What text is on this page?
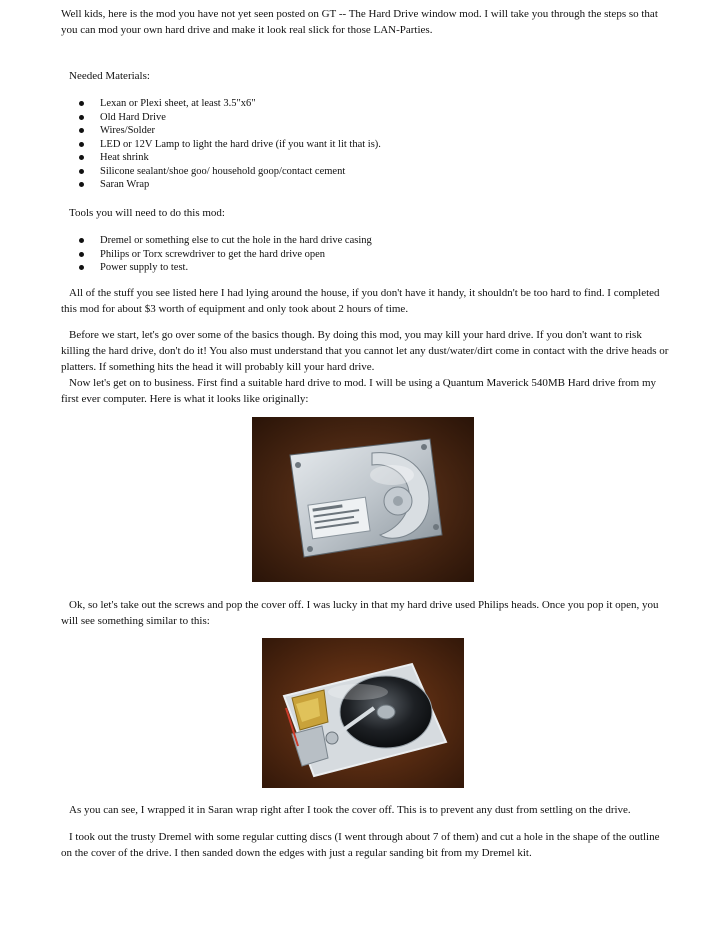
Well kids, here is the mod you have not yet seen posted on GT -- The Hard Drive window mod. I will take you through the steps so that you can mod your own hard drive and make it look real slick for those LAN-Parties.

Needed Materials:

Lexan or Plexi sheet, at least 3.5"x6"
Old Hard Drive
Wires/Solder
LED or 12V Lamp to light the hard drive (if you want it lit that is).
Heat shrink
Silicone sealant/shoe goo/ household goop/contact cement
Saran Wrap

Tools you will need to do this mod:

Dremel or something else to cut the hole in the hard drive casing
Philips or Torx screwdriver to get the hard drive open
Power supply to test.

All of the stuff you see listed here I had lying around the house, if you don't have it handy, it shouldn't be too hard to find. I completed this mod for about $3 worth of equipment and only took about 2 hours of time.

Before we start, let's go over some of the basics though. By doing this mod, you may kill your hard drive. If you don't want to risk killing the hard drive, don't do it! You also must understand that you cannot let any dust/water/dirt come in contact with the drive heads or platters. If something hits the head it will probably kill your hard drive.

Now let's get on to business. First find a suitable hard drive to mod. I will be using a Quantum Maverick 540MB Hard drive from my first ever computer. Here is what it looks like originally:

Ok, so let's take out the screws and pop the cover off. I was lucky in that my hard drive used Philips heads. Once you pop it open, you will see something similar to this:

As you can see, I wrapped it in Saran wrap right after I took the cover off. This is to prevent any dust from settling on the drive.

I took out the trusty Dremel with some regular cutting discs (I went through about 7 of them) and cut a hole in the shape of the outline on the cover of the drive. I then sanded down the edges with just a regular sanding bit from my Dremel kit.
